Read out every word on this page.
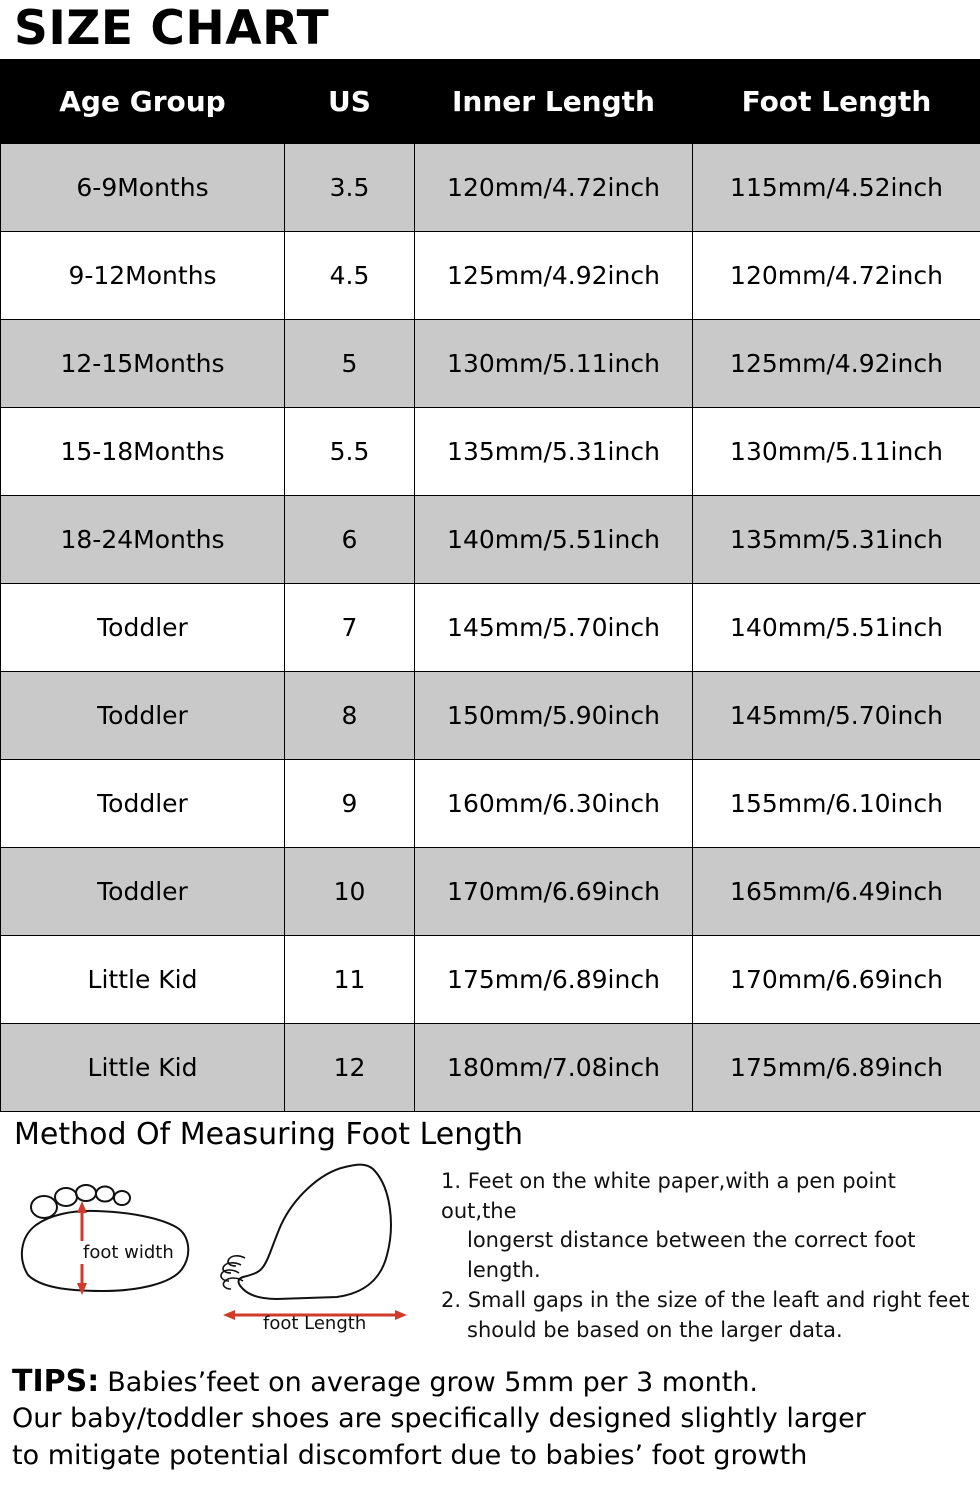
SIZE CHART
Age Group	US	Inner Length	Foot Length
6-9Months	3.5	120mm/4.72inch	115mm/4.52inch
9-12Months	4.5	125mm/4.92inch	120mm/4.72inch
12-15Months	5	130mm/5.11inch	125mm/4.92inch
15-18Months	5.5	135mm/5.31inch	130mm/5.11inch
18-24Months	6	140mm/5.51inch	135mm/5.31inch
Toddler	7	145mm/5.70inch	140mm/5.51inch
Toddler	8	150mm/5.90inch	145mm/5.70inch
Toddler	9	160mm/6.30inch	155mm/6.10inch
Toddler	10	170mm/6.69inch	165mm/6.49inch
Little Kid	11	175mm/6.89inch	170mm/6.69inch
Little Kid	12	180mm/7.08inch	175mm/6.89inch
Method Of Measuring Foot Length
foot width
foot Length
1. Feet on the white paper,with a pen point out,the
longerst distance between the correct foot length.
2. Small gaps in the size of the leaft and right feet
should be based on the larger data.
TIPS: Babies’feet on average grow 5mm per 3 month.
Our baby/toddler shoes are specifically designed slightly larger
to mitigate potential discomfort due to babies’ foot growth
